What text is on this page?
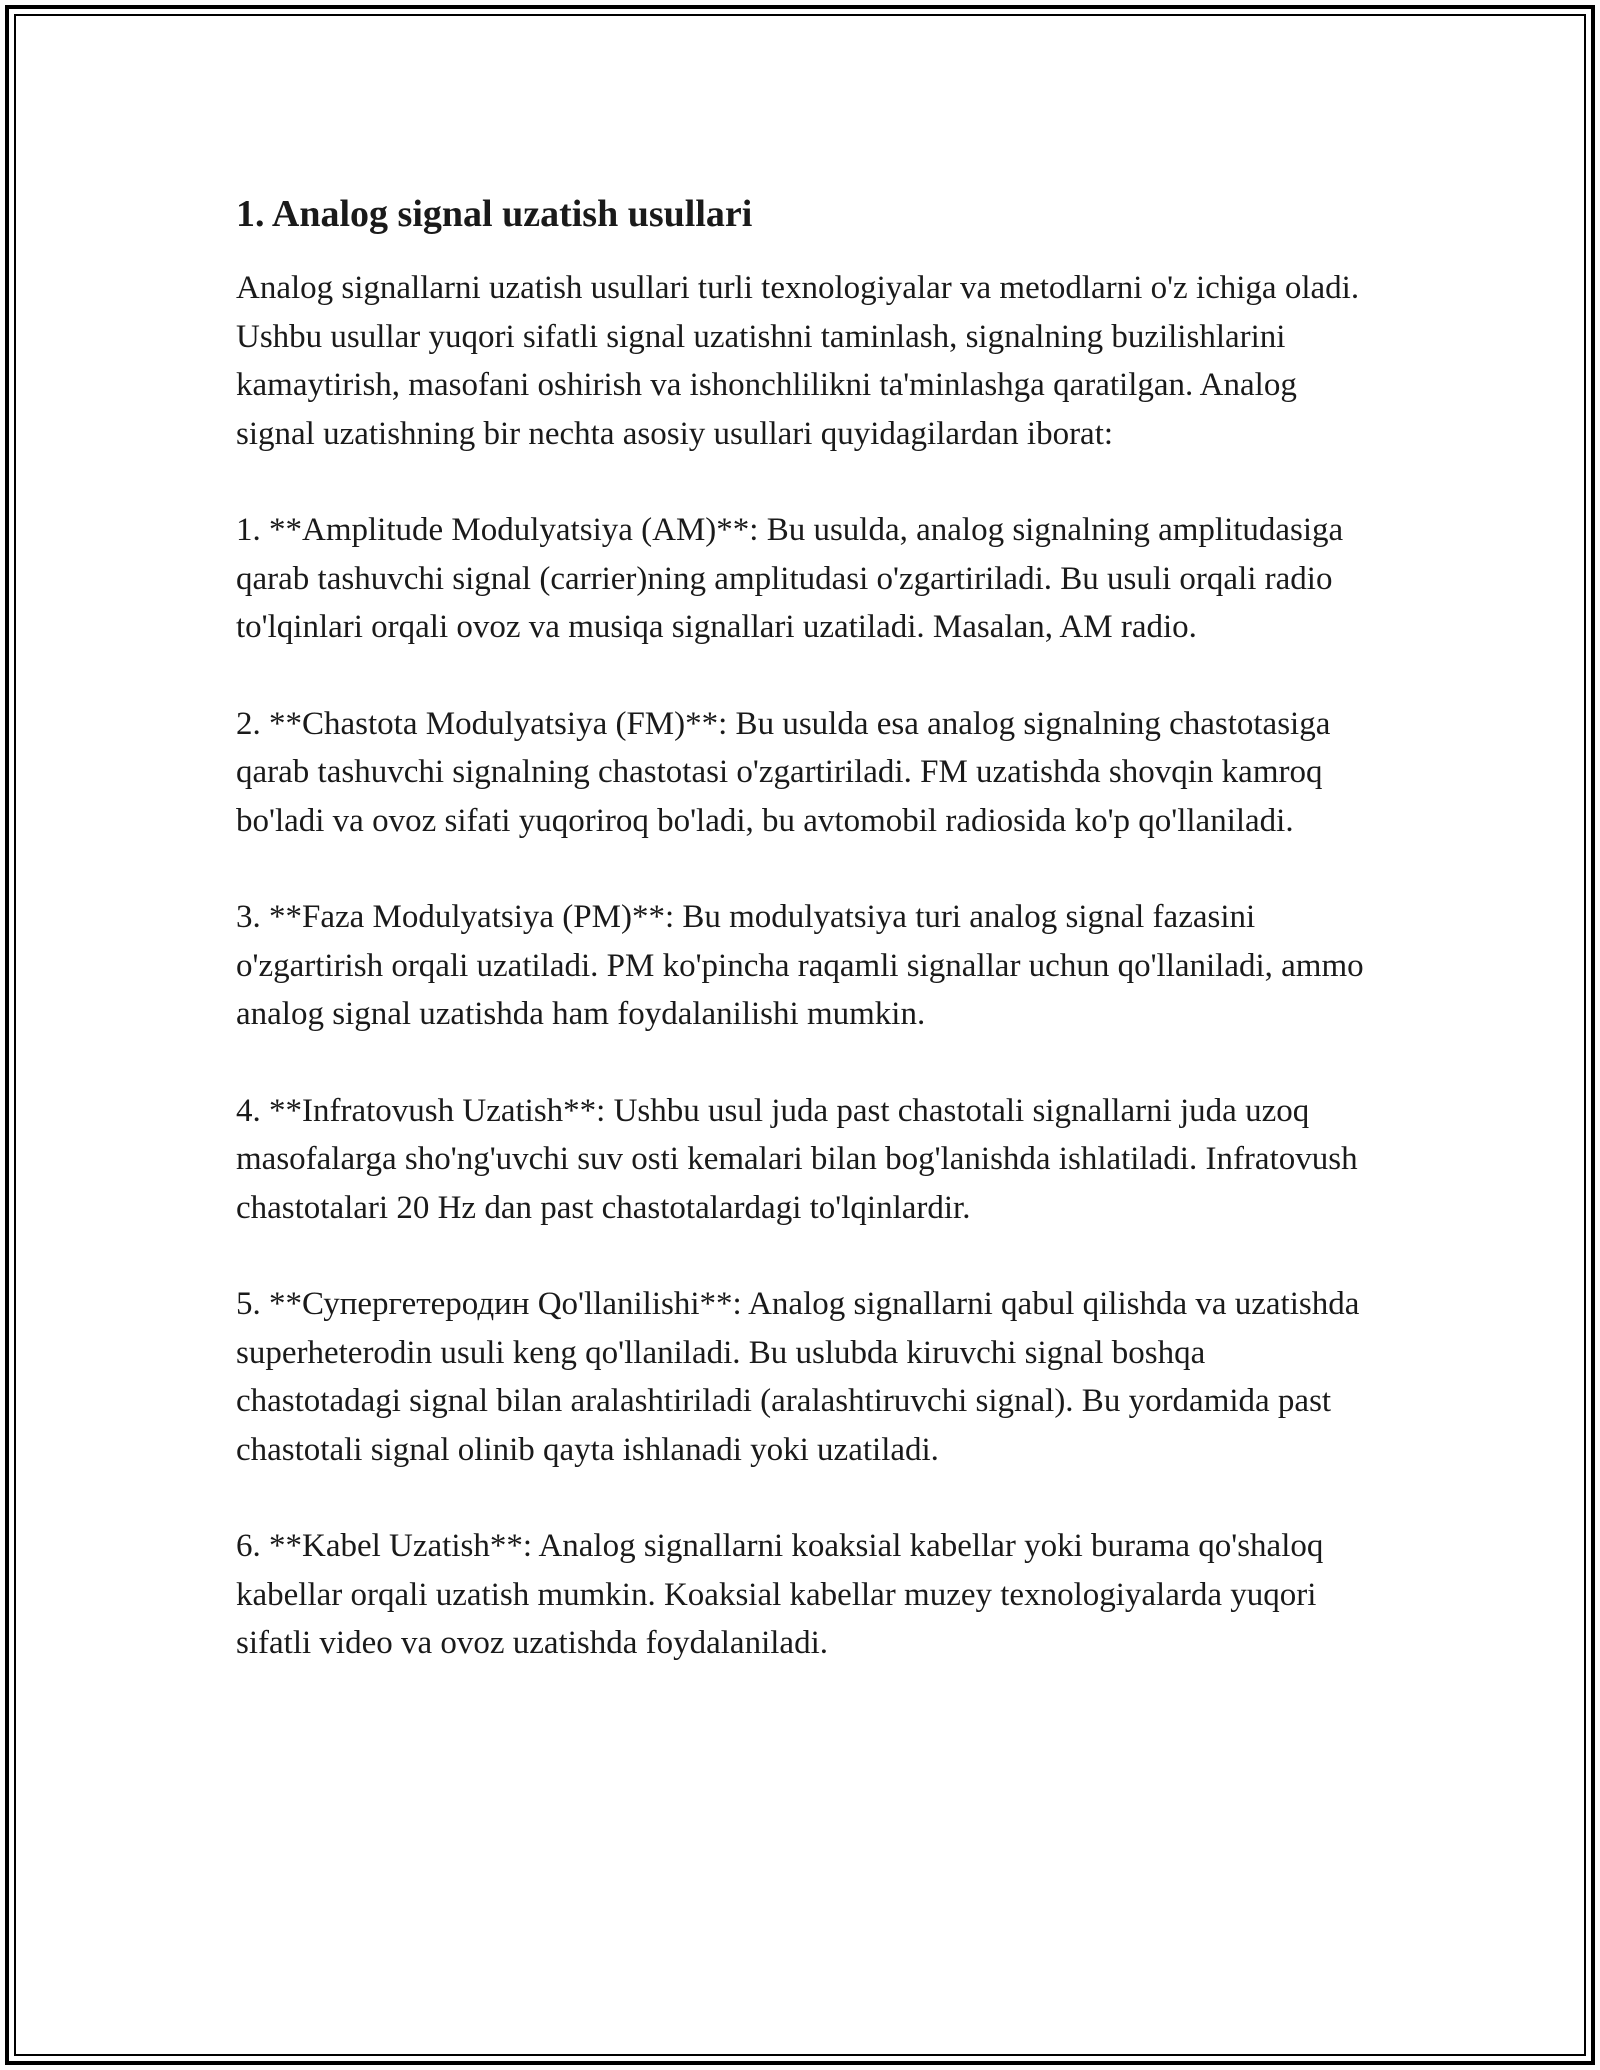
1. Analog signal uzatish usullari

Analog signallarni uzatish usullari turli texnologiyalar va metodlarni o'z ichiga oladi. Ushbu usullar yuqori sifatli signal uzatishni taminlash, signalning buzilishlarini kamaytirish, masofani oshirish va ishonchlilikni ta'minlashga qaratilgan. Analog signal uzatishning bir nechta asosiy usullari quyidagilardan iborat:

1. **Amplitude Modulyatsiya (AM)**: Bu usulda, analog signalning amplitudasiga qarab tashuvchi signal (carrier)ning amplitudasi o'zgartiriladi. Bu usuli orqali radio to'lqinlari orqali ovoz va musiqa signallari uzatiladi. Masalan, AM radio.

2. **Chastota Modulyatsiya (FM)**: Bu usulda esa analog signalning chastotasiga qarab tashuvchi signalning chastotasi o'zgartiriladi. FM uzatishda shovqin kamroq bo'ladi va ovoz sifati yuqoriroq bo'ladi, bu avtomobil radiosida ko'p qo'llaniladi.

3. **Faza Modulyatsiya (PM)**: Bu modulyatsiya turi analog signal fazasini o'zgartirish orqali uzatiladi. PM ko'pincha raqamli signallar uchun qo'llaniladi, ammo analog signal uzatishda ham foydalanilishi mumkin.

4. **Infratovush Uzatish**: Ushbu usul juda past chastotali signallarni juda uzoq masofalarga sho'ng'uvchi suv osti kemalari bilan bog'lanishda ishlatiladi. Infratovush chastotalari 20 Hz dan past chastotalardagi to'lqinlardir.

5. **Супергетеродин Qo'llanilishi**: Analog signallarni qabul qilishda va uzatishda superheterodin usuli keng qo'llaniladi. Bu uslubda kiruvchi signal boshqa chastotadagi signal bilan aralashtiriladi (aralashtiruvchi signal). Bu yordamida past chastotali signal olinib qayta ishlanadi yoki uzatiladi.

6. **Kabel Uzatish**: Analog signallarni koaksial kabellar yoki burama qo'shaloq kabellar orqali uzatish mumkin. Koaksial kabellar muzey texnologiyalarda yuqori sifatli video va ovoz uzatishda foydalaniladi.
